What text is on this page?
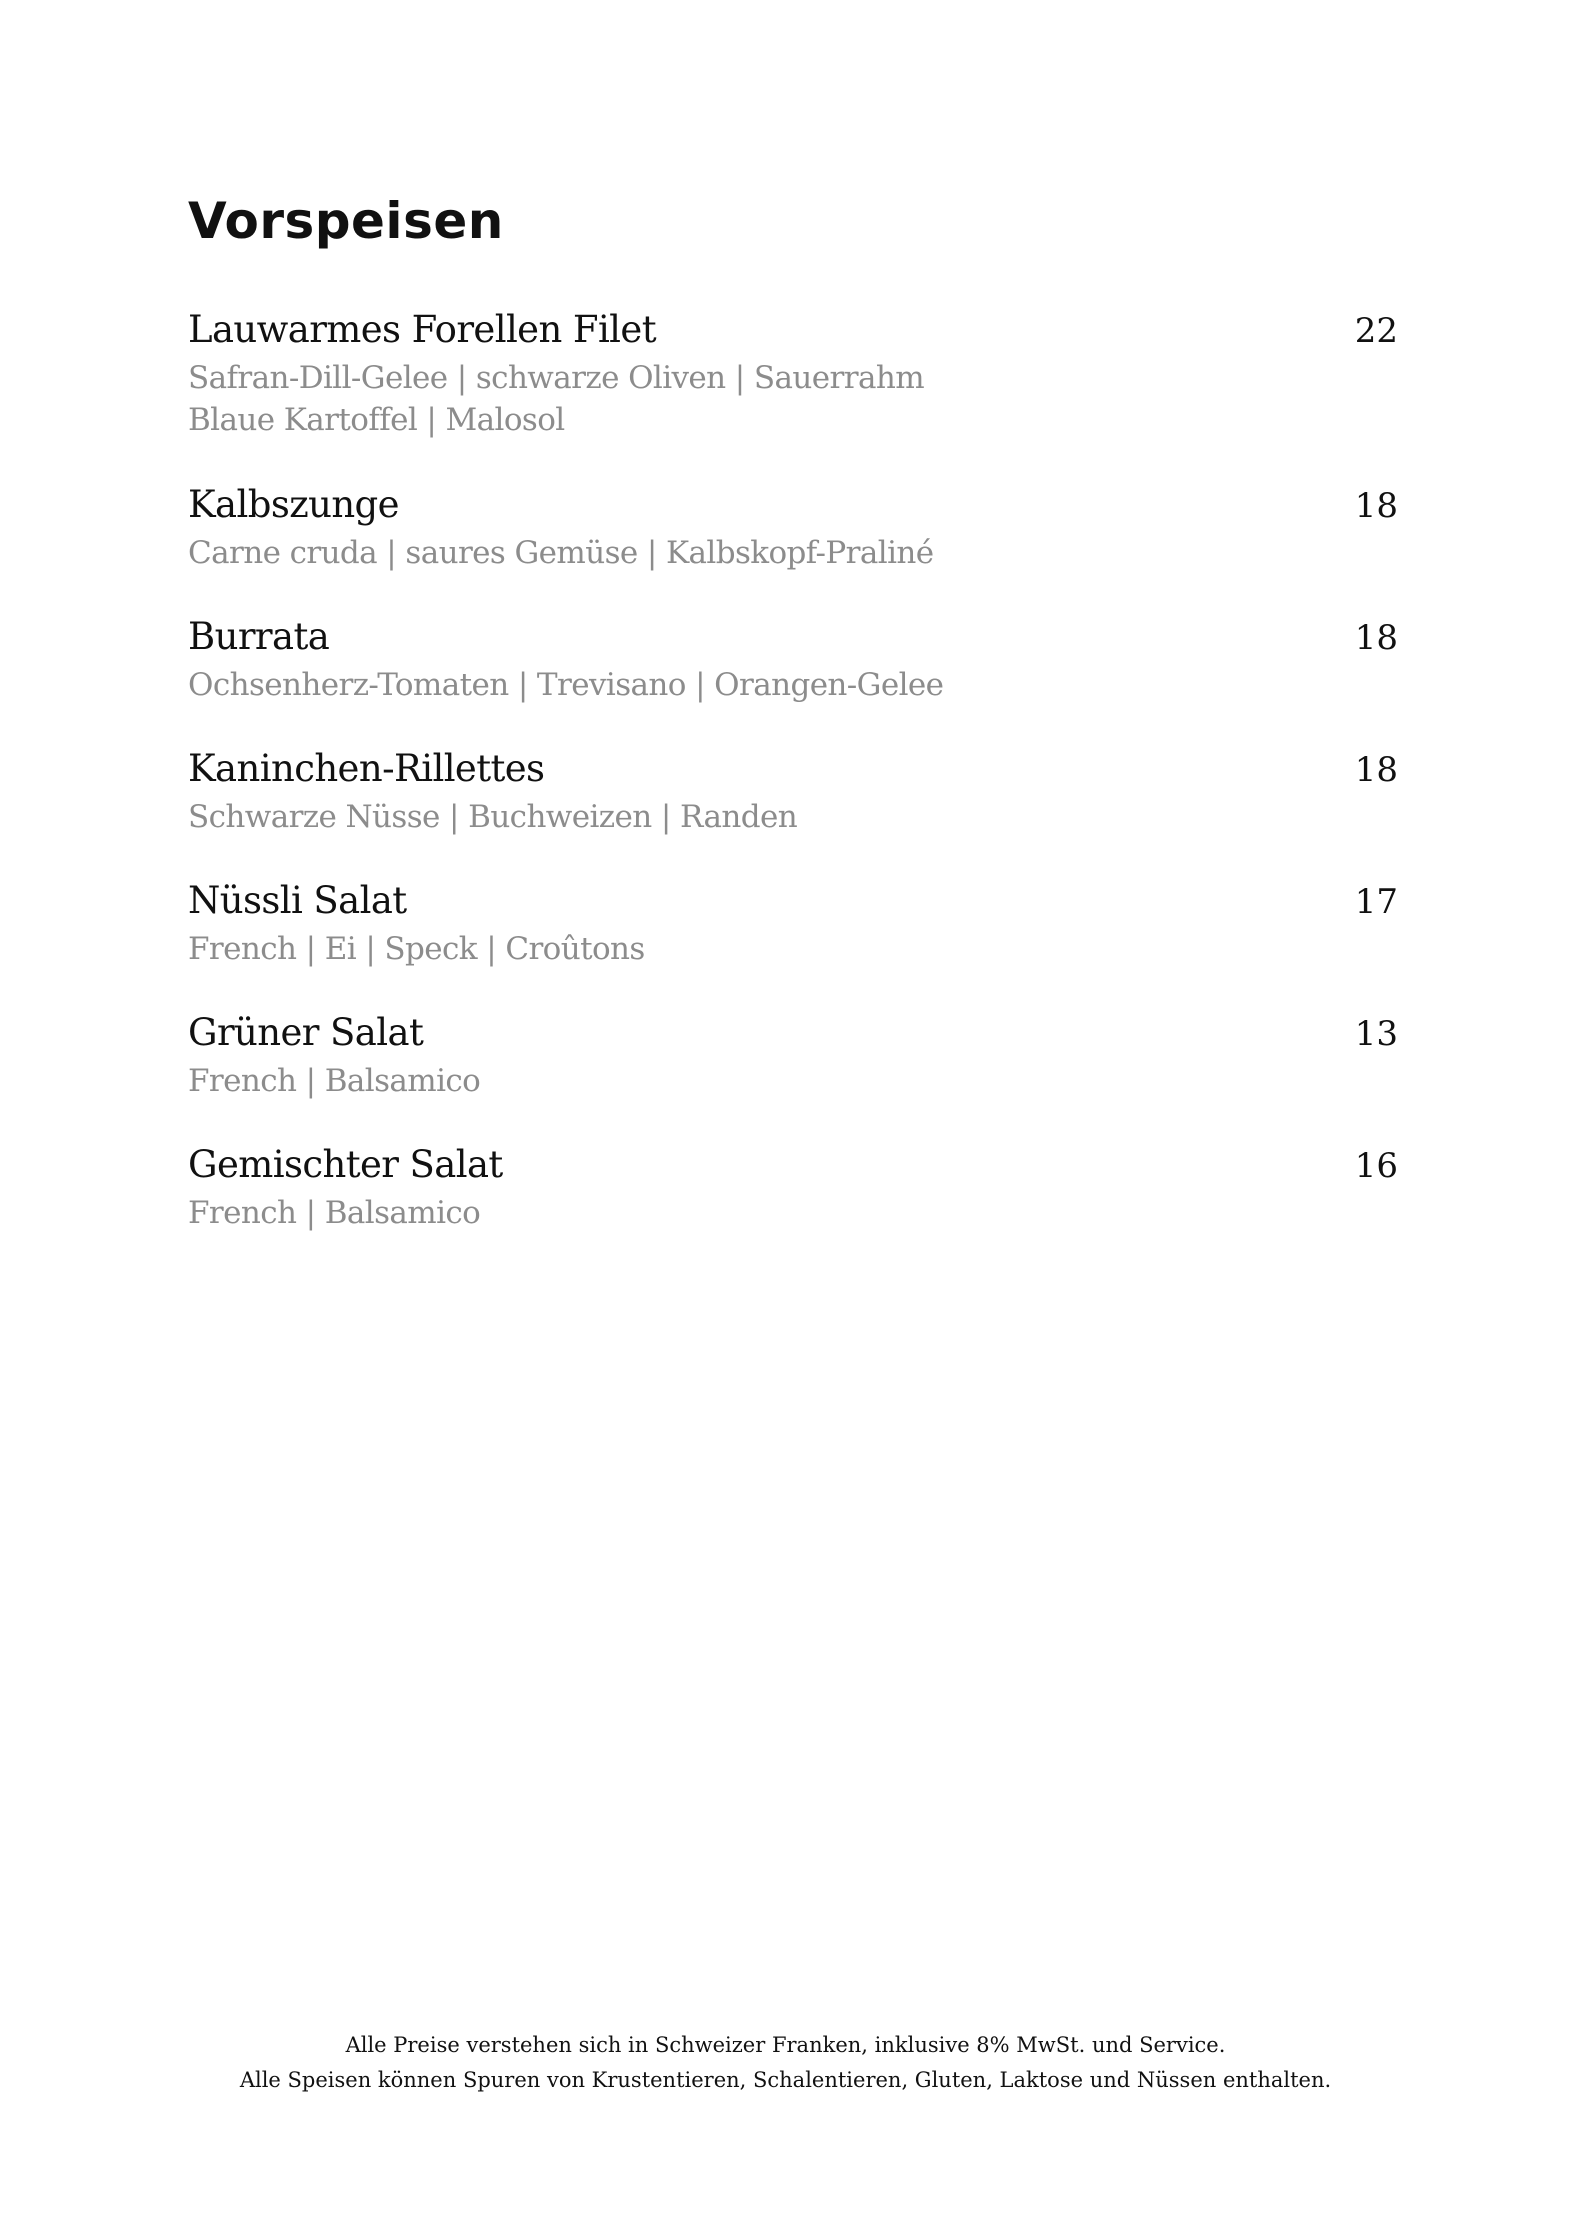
Vorspeisen
Lauwarmes Forellen Filet	22

Safran-Dill-Gelee | schwarze Oliven | Sauerrahm

Blaue Kartoffel | Malosol

Kalbszunge	18

Carne cruda | saures Gemüse | Kalbskopf-Praliné

Burrata	18

Ochsenherz-Tomaten | Trevisano | Orangen-Gelee

Kaninchen-Rillettes	18

Schwarze Nüsse | Buchweizen | Randen

Nüssli Salat	17

French | Ei | Speck | Croûtons

Grüner Salat	13

French | Balsamico

Gemischter Salat	16

French | Balsamico

Alle Preise verstehen sich in Schweizer Franken, inklusive 8% MwSt. und Service.

Alle Speisen können Spuren von Krustentieren, Schalentieren, Gluten, Laktose und Nüssen enthalten.
